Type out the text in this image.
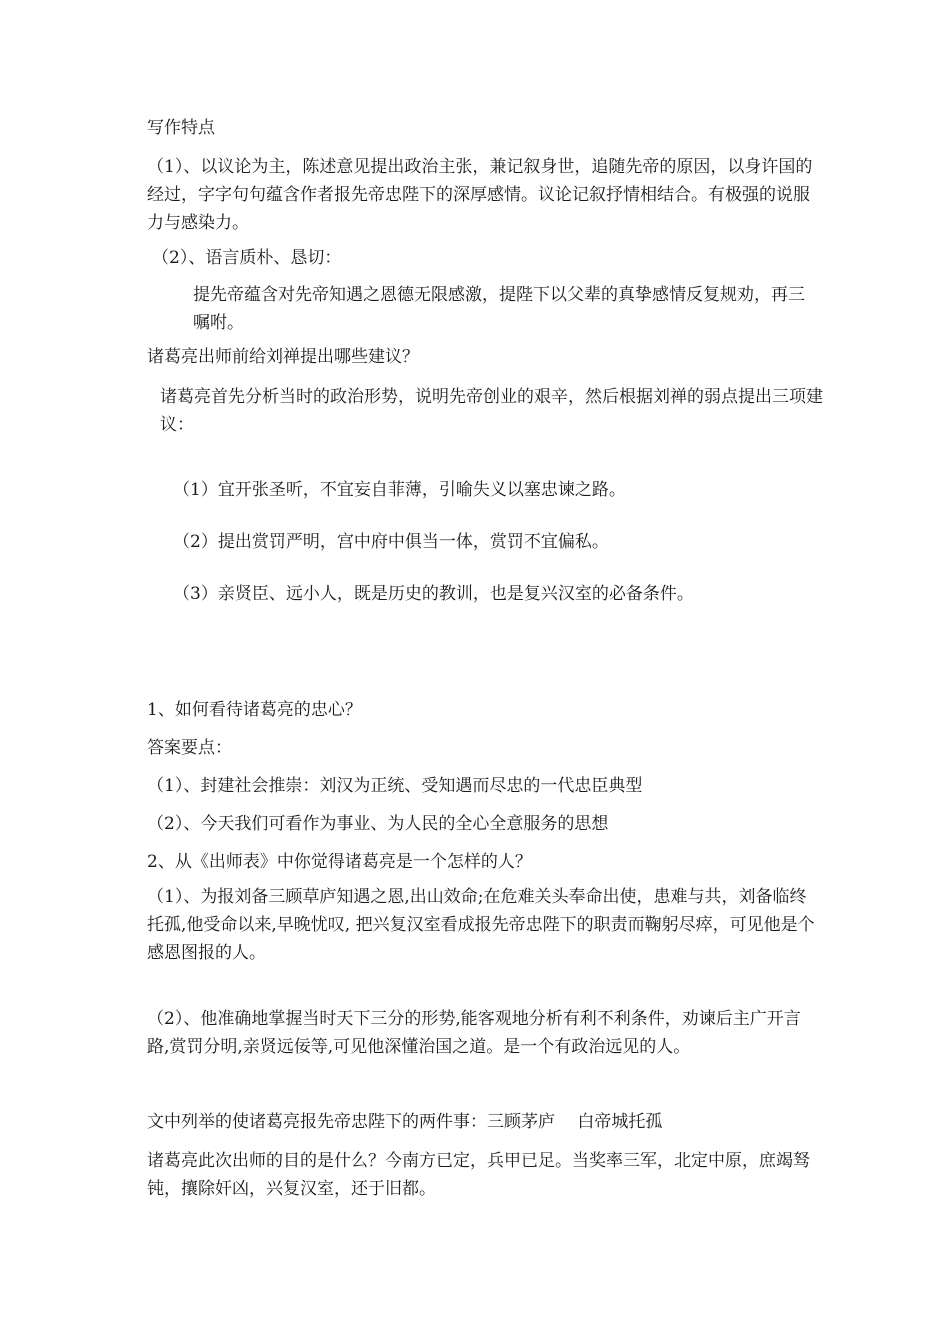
写作特点
（1）、以议论为主，陈述意见提出政治主张，兼记叙身世，追随先帝的原因，以身许国的经过，字字句句蕴含作者报先帝忠陛下的深厚感情。议论记叙抒情相结合。有极强的说服力与感染力。
（2）、语言质朴、恳切：
提先帝蕴含对先帝知遇之恩德无限感激，提陛下以父辈的真挚感情反复规劝，再三嘱咐。
诸葛亮出师前给刘禅提出哪些建议？
诸葛亮首先分析当时的政治形势，说明先帝创业的艰辛，然后根据刘禅的弱点提出三项建议：
（1）宜开张圣听，不宜妄自菲薄，引喻失义以塞忠谏之路。
（2）提出赏罚严明，宫中府中俱当一体，赏罚不宜偏私。
（3）亲贤臣、远小人，既是历史的教训，也是复兴汉室的必备条件。
1、如何看待诸葛亮的忠心？
答案要点：
（1）、封建社会推崇：刘汉为正统、受知遇而尽忠的一代忠臣典型
（2）、今天我们可看作为事业、为人民的全心全意服务的思想
2、从《出师表》中你觉得诸葛亮是一个怎样的人？
（1）、为报刘备三顾草庐知遇之恩,出山效命;在危难关头奉命出使，患难与共，刘备临终托孤,他受命以来,早晚忧叹, 把兴复汉室看成报先帝忠陛下的职责而鞠躬尽瘁，可见他是个感恩图报的人。
（2）、他准确地掌握当时天下三分的形势,能客观地分析有利不利条件，劝谏后主广开言路,赏罚分明,亲贤远佞等,可见他深懂治国之道。是一个有政治远见的人。
文中列举的使诸葛亮报先帝忠陛下的两件事：三顾茅庐　 白帝城托孤
诸葛亮此次出师的目的是什么？今南方已定，兵甲已足。当奖率三军，北定中原，庶竭驽钝，攘除奸凶，兴复汉室，还于旧都。
